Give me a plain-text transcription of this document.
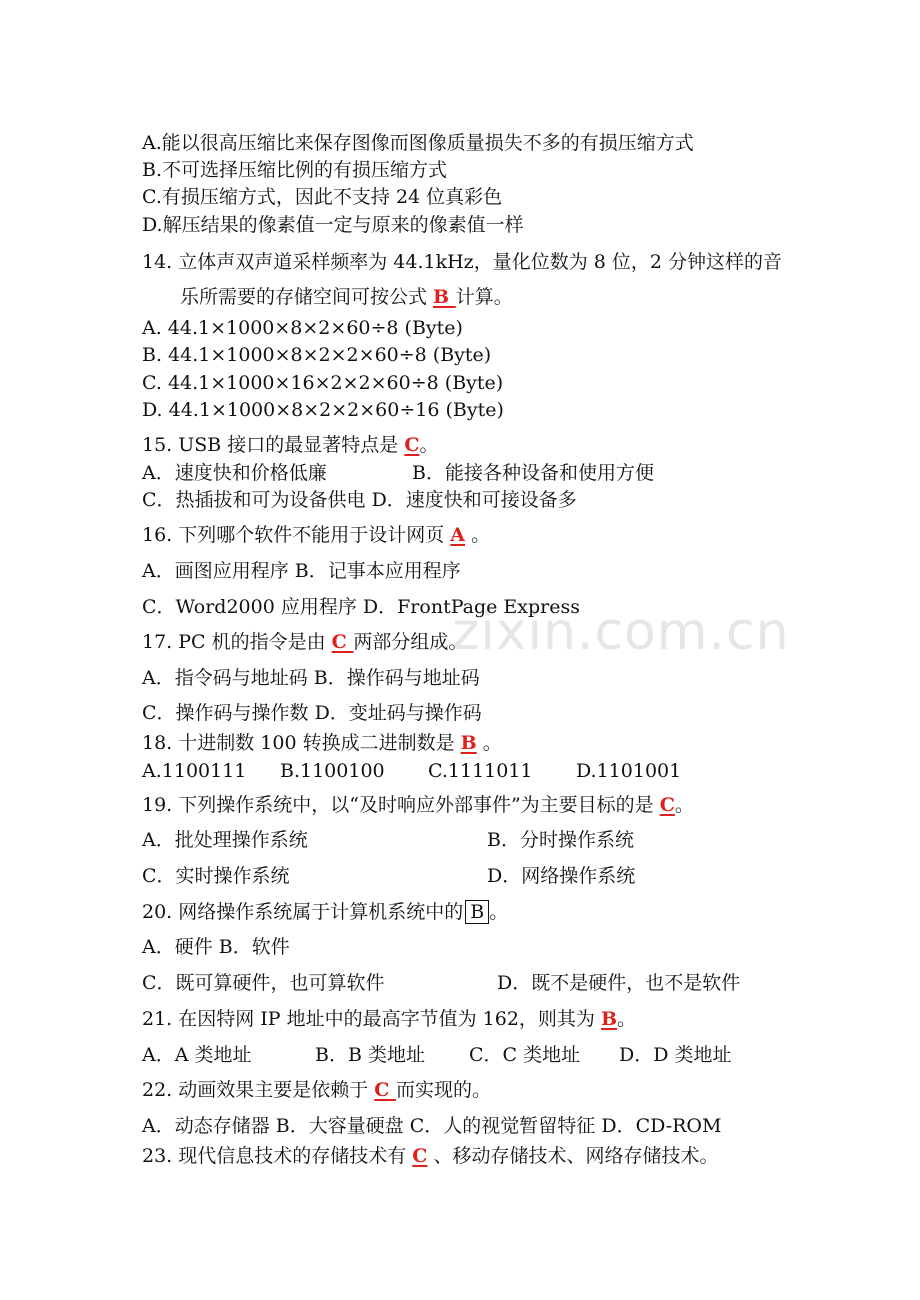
zixin.com.cn
A.能以很高压缩比来保存图像而图像质量损失不多的有损压缩方式
B.不可选择压缩比例的有损压缩方式
C.有损压缩方式，因此不支持 24 位真彩色
D.解压结果的像素值一定与原来的像素值一样
14. 立体声双声道采样频率为 44.1kHz，量化位数为 8 位，2 分钟这样的音
乐所需要的存储空间可按公式 B 计算。
A. 44.1×1000×8×2×60÷8 (Byte)
B. 44.1×1000×8×2×2×60÷8 (Byte)
C. 44.1×1000×16×2×2×60÷8 (Byte)
D. 44.1×1000×8×2×2×60÷16 (Byte)
15. USB 接口的最显著特点是 C。
A．速度快和价格低廉	B．能接各种设备和使用方便
C．热插拔和可为设备供电 D．速度快和可接设备多
16. 下列哪个软件不能用于设计网页 A 。
A．画图应用程序 B．记事本应用程序
C．Word2000 应用程序 D．FrontPage Express
17. PC 机的指令是由 C 两部分组成。
A．指令码与地址码 B．操作码与地址码
C．操作码与操作数 D．变址码与操作码
18. 十进制数 100 转换成二进制数是 B 。
A.1100111 B.1100100 C.1111011 D.1101001
19. 下列操作系统中，以“及时响应外部事件”为主要目标的是 C。
A．批处理操作系统	B．分时操作系统
C．实时操作系统	D．网络操作系统
20. 网络操作系统属于计算机系统中的 B 。
A．硬件 B．软件
C．既可算硬件，也可算软件	D．既不是硬件，也不是软件
21. 在因特网 IP 地址中的最高字节值为 162，则其为 B。
A．A 类地址	B．B 类地址 C．C 类地址 D．D 类地址
22. 动画效果主要是依赖于 C 而实现的。
A．动态存储器 B．大容量硬盘 C．人的视觉暂留特征 D．CD-ROM
23. 现代信息技术的存储技术有 C 、移动存储技术、网络存储技术。
